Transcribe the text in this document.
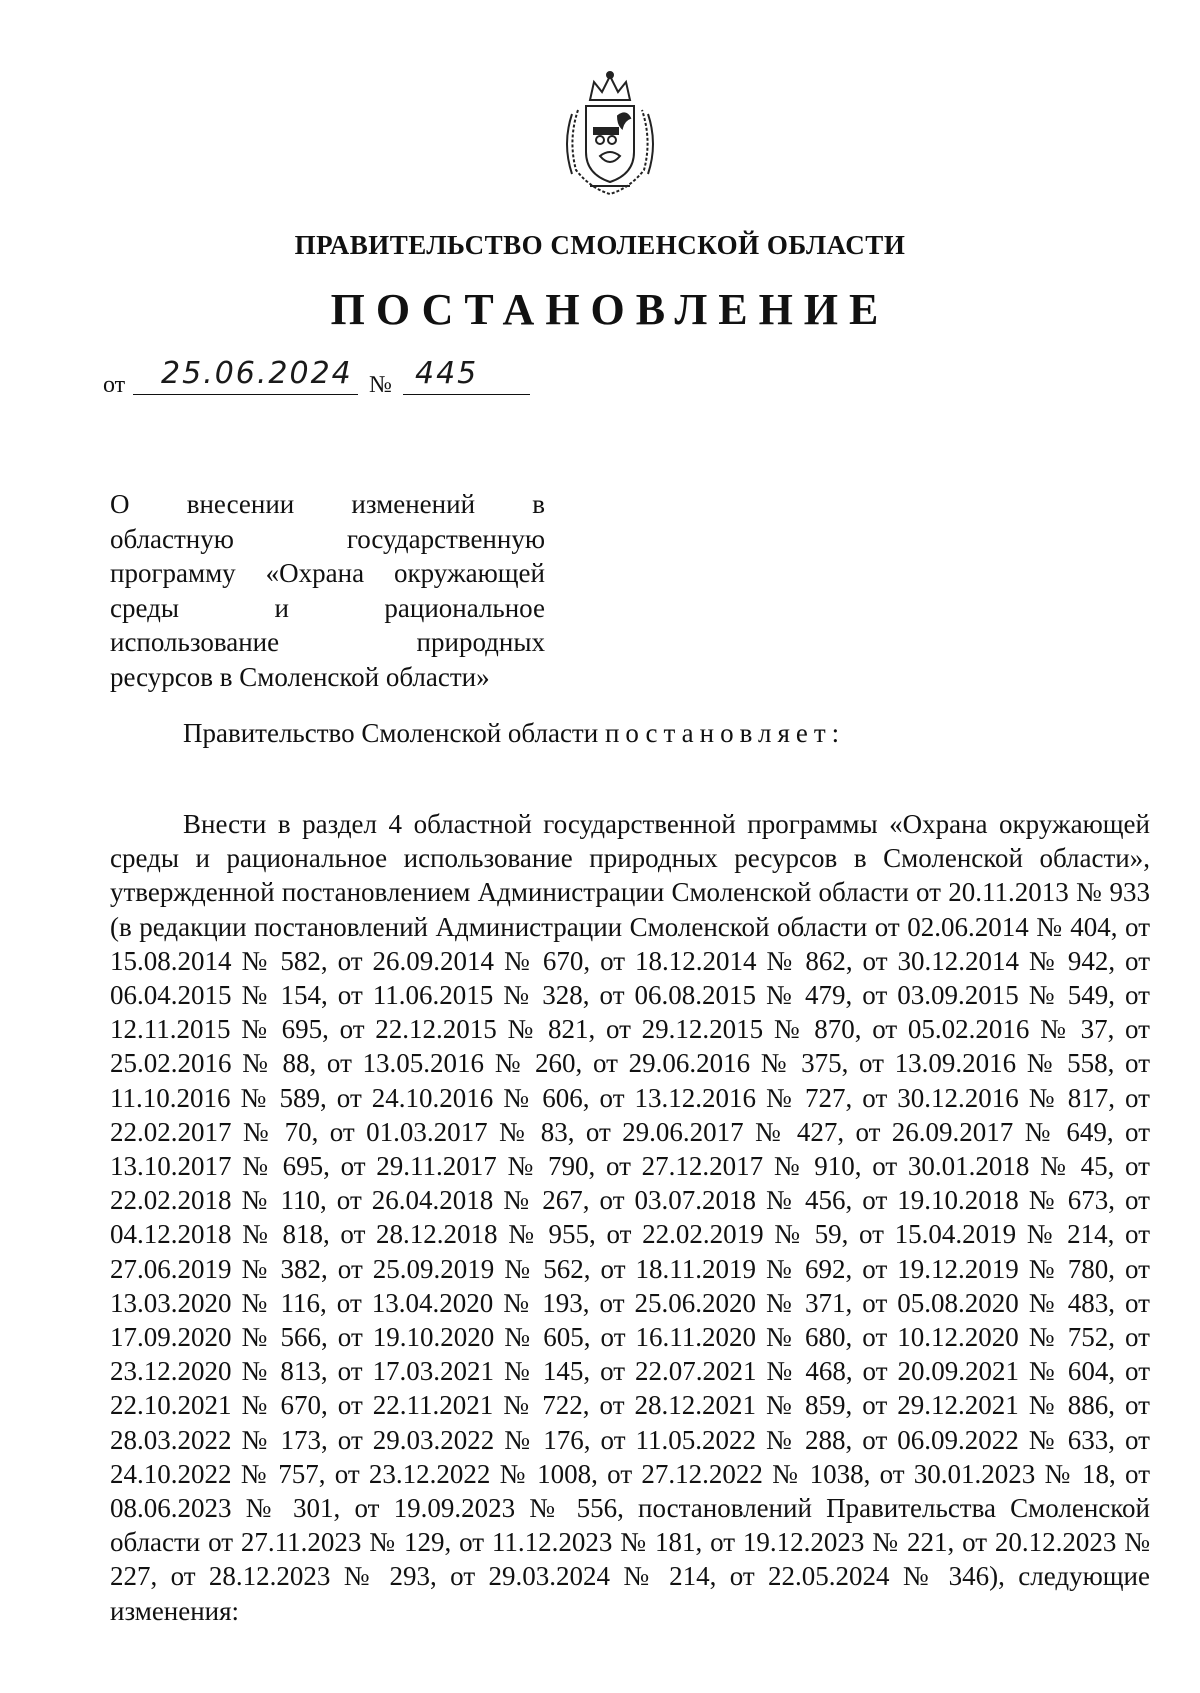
ПРАВИТЕЛЬСТВО СМОЛЕНСКОЙ ОБЛАСТИ
ПОСТАНОВЛЕНИЕ
от 25.06.2024 № 445
О внесении изменений в
областную государственную
программу «Охрана окружающей
среды и рациональное
использование природных
ресурсов в Смоленской области»
Правительство Смоленской области постановляет:

Внести в раздел 4 областной государственной программы «Охрана окружающей среды и рациональное использование природных ресурсов в Смоленской области», утвержденной постановлением Администрации Смоленской области от 20.11.2013 № 933 (в редакции постановлений Администрации Смоленской области от 02.06.2014 № 404, от 15.08.2014 № 582, от 26.09.2014 № 670, от 18.12.2014 № 862, от 30.12.2014 № 942, от 06.04.2015 № 154, от 11.06.2015 № 328, от 06.08.2015 № 479, от 03.09.2015 № 549, от 12.11.2015 № 695, от 22.12.2015 № 821, от 29.12.2015 № 870, от 05.02.2016 № 37, от 25.02.2016 № 88, от 13.05.2016 № 260, от 29.06.2016 № 375, от 13.09.2016 № 558, от 11.10.2016 № 589, от 24.10.2016 № 606, от 13.12.2016 № 727, от 30.12.2016 № 817, от 22.02.2017 № 70, от 01.03.2017 № 83, от 29.06.2017 № 427, от 26.09.2017 № 649, от 13.10.2017 № 695, от 29.11.2017 № 790, от 27.12.2017 № 910, от 30.01.2018 № 45, от 22.02.2018 № 110, от 26.04.2018 № 267, от 03.07.2018 № 456, от 19.10.2018 № 673, от 04.12.2018 № 818, от 28.12.2018 № 955, от 22.02.2019 № 59, от 15.04.2019 № 214, от 27.06.2019 № 382, от 25.09.2019 № 562, от 18.11.2019 № 692, от 19.12.2019 № 780, от 13.03.2020 № 116, от 13.04.2020 № 193, от 25.06.2020 № 371, от 05.08.2020 № 483, от 17.09.2020 № 566, от 19.10.2020 № 605, от 16.11.2020 № 680, от 10.12.2020 № 752, от 23.12.2020 № 813, от 17.03.2021 № 145, от 22.07.2021 № 468, от 20.09.2021 № 604, от 22.10.2021 № 670, от 22.11.2021 № 722, от 28.12.2021 № 859, от 29.12.2021 № 886, от 28.03.2022 № 173, от 29.03.2022 № 176, от 11.05.2022 № 288, от 06.09.2022 № 633, от 24.10.2022 № 757, от 23.12.2022 № 1008, от 27.12.2022 № 1038, от 30.01.2023 № 18, от 08.06.2023 № 301, от 19.09.2023 № 556, постановлений Правительства Смоленской области от 27.11.2023 № 129, от 11.12.2023 № 181, от 19.12.2023 № 221, от 20.12.2023 № 227, от 28.12.2023 № 293, от 29.03.2024 № 214, от 22.05.2024 № 346), следующие изменения:
